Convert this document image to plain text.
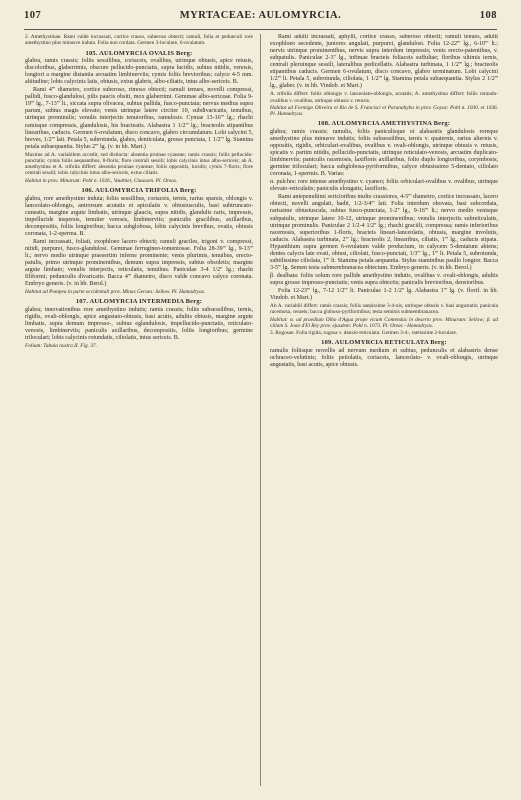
107	MYRTACEAE: AULOMYRCIA.	108

2. Amethystinae. Rami valde incrassati, cortice crasso, suberoso obtecti; ramuli, folia et pedunculi rore amethystino plus minusve induta. Folia non cordata. Germen 3-loculare, 6-ovulatum.

105. AULOMYRCIA OVALIS Berg:

glabra, ramis crassis; foliis sessilibus, coriaceis, ovalibus, utrinque obtusis, apice retusis, discoloribus, glaberrimis, obscure pellucido-punctatis, supra lucidis, subtus nitidis, venosis, longiori a margine distantia arcuatim limbinerviis; cymis foliis brevioribus; calyce 4-5 mm. altitudine; lobis calycinis latis, obtusis, extus glabris, albo-ciliatis, intus albo-sericeis. B.

Rami 4''' diametro, cortice suberoso, rimoso obtecti; ramuli tenues, novelli compressi, pallidi, fusco-glandulosi, pilis paucis obsiti, mox glaberrimi. Gemmae albo-sericeae. Folia 9-19''' lg., 7-13''' lt., siccata supra olivacea, subtus pallida, fusco-punctata; nervus medius supra parum, subtus magis elevato; venis utrinque latere circiter 10, subdivaricatis, tenuibus, utrinque prominulis; venulis interjectis tenuioribus, ramulosis. Cymae 13-16''' lg.; rhachi ramisque compressis, glandulosis, his bracteatis. Alabastra 1 1/2''' lg.; bracteolis stipantibus linearibus, caducis. Germen 6-ovulatum, disco concavo, glabro circumdatum. Lobi calycini 5, breves, 1/2''' lati. Petala 5, subrotunda, glabra, denticulata, grosse punctata, 1 1/2''' lg. Stamina petala subaequantia. Stylus 2''' lg. (v. in hb. Mart.)

Maxime ad A. variabilem accedit, sed distincta: absentia pruinae cyaneae; ramis crassis; foliis pellucido-punctatis; cymis foliis aequantibus, 8-floris; flore centrali sessili; lobis calycinis intus albo-sericeis; ab A. amethystina et A. trifolia differt: absentia pruinae cyaneae; foliis oppositis, lucidis; cymis 7-floris; flore centrali sessili; lobis calycinis intus albo-sericeis, extus ciliatis.

Habitat in prov. Minarum: Pohl n. 1026., Vauthier, Claussen. Pl. Oreas.

106. AULOMYRCIA TRIFOLIA Berg:

glabra, rore amethystino induta; foliis sessilibus, coriaceis, ternis, rarius sparsis, oblongis v. lanceolato-oblongis, antrorsum acutatis et apiculatis v. obtusiusculis, basi subtruncato-cuneatis, margine argute limbatis, utrinque glaucis, supra nitidis, glandulis raris, impressis, impellucide inspersis, tenuiter venosis, limbinerviis; paniculis gracilibus, axillaribus, decompositis, foliis longioribus; bacca subglobosa, lobis calycinis brevibus, ovatis, obtusis coronata, 1-2-sperma. B.

Rami incrassati, foliati, exophloeo lacero obtecti; ramuli graciles, trigoni v. compressi, nitidi, purpurei, fusco-glandulosi. Gemmae ferrugineo-tomentosae. Folia 28-39''' lg., 9-13''' lt.; nervo medio utrinque praesertim inferne prominente; venis plurimis, tenuibus, erecto-patulis, primo utrinque prominentibus, demum supra impressis, subtus obsoletis; margine argute limbato; venulis interjectis, reticulatis, tenuibus. Paniculae 3-4 1/2'' lg.; rhachi filiformi; pedunculis divaricatis. Bacca 4''' diametro, disco valde concavo calyce coronata. Embryo generis. (v. in hb. Berol.)

Habitat ad Pompeu in parte occidentali prov. Minas Geraes: Sellow. Pl. Hamadryas.

107. AULOMYRCIA INTERMEDIA Berg:

glabra; innovationibus rore amethystino indutis; ramis crassis; foliis subsessilibus, ternis, rigidis, ovali-oblongis, apice angustato-obtusis, basi acutis, adultis obtusis, margine argute limbatis, supra demum impresso-, subtus eglandulosis, impellucido-punctatis, reticulato-venosis, limbinerviis; paniculis axillaribus, decompositis, foliis longioribus; germine triloculari; lobis calycinis rotundatis, ciliolatis, intus sericeis. B.

Folium: Tabula nostra II. Fig. 37.

Rami adulti incrassati, aphylli, cortice crasso, suberoso obtecti; ramuli tenues, adulti exophloeo secedente, juniores angulati, purpurei, glandulosi. Folia 12-22''' lg., 6-10''' lt.; nervis utrinque prominentibus, nervis supra interdum impressis; venis erecto-patentibus, v. subpatulis. Paniculae 2-3'' lg., infimae bracteis foliaceis suffultae; floribus ultimis ternis, centrali pleruinque sessili, lateralibus pedicellatis. Alabastra turbinata, 1 1/2''' lg.; bracteolis stipantibus caducis. Germen 6-ovulatum, disco concavo, glabro terminatum. Lobi calycini 1/2''' lt. Petala 5, subrotunda, ciliolata, 1 1/2''' lg. Stamina petala subaequantia. Stylus 2 1/2''' lg., glaber. (v. in hb. Vindob. et Mart.)

A. trifolia differt: foliis oblongis v. lanceolato-oblongis, acutatis; A. amethystina differt: foliis rotundo-ovalibus v. ovalibus, utrinque obtusis v. retusis.

Habitat ad Formigo Oliveira et Rio de S. Francisci et Paranahyba in prov. Goyaz: Pohl n. 1030. et 1036. Pl. Hamadryas.

108. AULOMYRCIA AMETHYSTINA Berg:

glabra; ramis crassis; ramulis, foliis paniculisque et alabastris glandulosis roreque amethystino plus minusve indutis; foliis subsessilibus, ternis v. quaternis, rarius alternis v. oppositis, rigidis, orbiculari-ovalibus, ovalibus v. ovali-oblongis, utrinque obtusis v. retusis, spicatis v. partim nitidis, pellucido-punctatis, utrinque reticulato-venosis, arcuatim duplicato-limbinerviis; paniculis racemosis, laxifloris axillaribus, folio duplo longioribus, corymbosis; germine triloculari; bacca subglobosa-pyriformibus, calyce obtusissimo 5-dentato, ciliolato coronata, 1-spermis. B. Varias:

α. pulchra: rore intense amethystino v. cyaneo; foliis orbiculari-ovalibus v. ovalibus, utrinque elevato-reticulatis; paniculis elongatis, laxifloris.

Rami antepenultimi sericioribus multo crassiores, 4-5''' diametro, cortice incrassato, lacero obtecti, novelli angulati, badii, 1/2-3/4''' lati. Folia interdum obovata, basi subcordata, rarissime obtusiuscula, subtus fusco-punctata, 1-2'' lg., 9-16''' lt.; nervo medio venisque subpatulis, utrinque latere 10-12, utrinque prominentibus; venulis interjectis subreticulatis, utrinque prominulis. Paniculae 2 1/2-4 1/2'' lg.; rhachi graciili, compressa; ramis inferioribus racemosis, superioribus 1-floris, bracteis lineari-lanceolatis, obtusis, margine involutis, caducis. Alabastra turbinata, 2''' lg.; bracteolis 2, linearibus, ciliatis, 1''' lg., caducis stipata. Hypanthium supra germen 6-ovulatum valde productum, in calycem 5-dentatum abiens; dentes calycis late ovati, obtusi, ciliolati, fusco-punctati, 1/3''' lg., 1''' lt. Petala 5, subrotunda, subtilissime ciliolata, 1''' lt. Stamina petala aequantia. Stylus staminibus paullo longior. Bacca 3-5''' lg. Semen testa submembranacea obtectum. Embryo generis. (v. in hb. Berol.)

β. dealbata: foliis solum rore pallide amethystino indutis, ovalibus v. ovali-oblongis, adultis supra grosse impresso-punctatis; venis supra obtectis; paniculis brevioribus, densioribus.

Folia 12-23''' lg., 7-12 1/2''' lt. Paniculae 1-2 1/2'' lg. Alabastra 1''' lg. (v. florif. in hb. Vindob. et Mart.)

Ab A. variabili differt: ramis crassis; foliis saepissime 3-4-nis, utrinque obtusis v. basi angustatis; panicula racemosa, ceraeis; bacca globoso-pyriformibus; testa seminis submembranacea.

Habitat: α. ad praedium Olho d'Agua prope vicum Contendas in deserto prov. Minarum: Sellow; β. ad villam S. Joao d'El Rey prov. ejusdem: Pohl n. 1073. Pl. Oreas - Hamadryas.

3. Rugosae. Folia rigida, rugosa v. densio-reticulata. Germen 3-4-, raetissime 2-loculare.

109. AULOMYRCIA RETICULATA Berg:

ramulis foliisque novellis ad nervum medium et subtus, pedunculis et alabastris dense ochraceo-velutinis; foliis petiolatis, coriaceis, lanceolato- v. ovali-oblongis, utrinque angustatis, basi acutis, apice obtusis.
